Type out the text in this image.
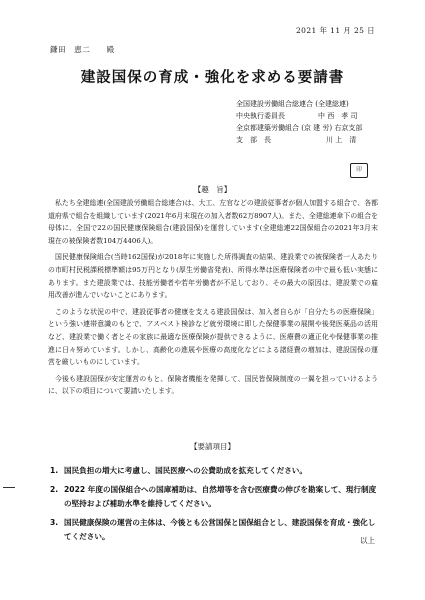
2021 年 11 月 25 日
鎌田　恵二　　殿
建設国保の育成・強化を求める要請書
全国建設労働組合総連合 (全建総連)
中央執行委員長	中 西　孝 司
全京都建築労働組合 (京 建 労) 右京支部
支　部　長	川 上　清
印
【趣　旨】

私たち全建総連(全国建設労働組合総連合)は、大工、左官などの建設従事者が個人加盟する組合で、各都道府県で組合を組織しています(2021年6月末現在の加入者数62万8907人)。また、全建総連傘下の組合を母体に、全国で22の国民健康保険組合(建設国保)を運営しています(全建総連22国保組合の2021年3月末現在の被保険者数104万4406人)。

国民健康保険組合(当時162国保)が2018年に実施した所得調査の結果、建設業での被保険者一人あたりの市町村民税課税標準額は95万円となり(厚生労働省発表)、所得水準は医療保険者の中で最も低い実態にあります。また建設業では、技能労働者や若年労働者が不足しており、その最大の原因は、建設業での雇用改善が進んでいないことにあります。

このような状況の中で、建設従事者の健康を支える建設国保は、加入者自らが「自分たちの医療保険」という強い連帯意識のもとで、アスベスト検診など就労環境に即した保健事業の展開や後発医薬品の活用など、建設業で働く者とその家族に最適な医療保険が提供できるように、医療費の適正化や保健事業の推進に日々努めています。しかし、高齢化の進展や医療の高度化などによる諸経費の増加は、建設国保の運営を厳しいものにしています。

今後も建設国保が安定運営のもと、保険者機能を発揮して、国民皆保険制度の一翼を担っていけるように、以下の項目について要請いたします。

【要請項目】
1. 国民負担の増大に考慮し、国民医療への公費助成を拡充してください。
2. 2022 年度の国保組合への国庫補助は、自然増等を含む医療費の伸びを勘案して、現行制度の堅持および補助水準を維持してください。
3. 国民健康保険の運営の主体は、今後とも公営国保と国保組合とし、建設国保を育成・強化してください。	以上
